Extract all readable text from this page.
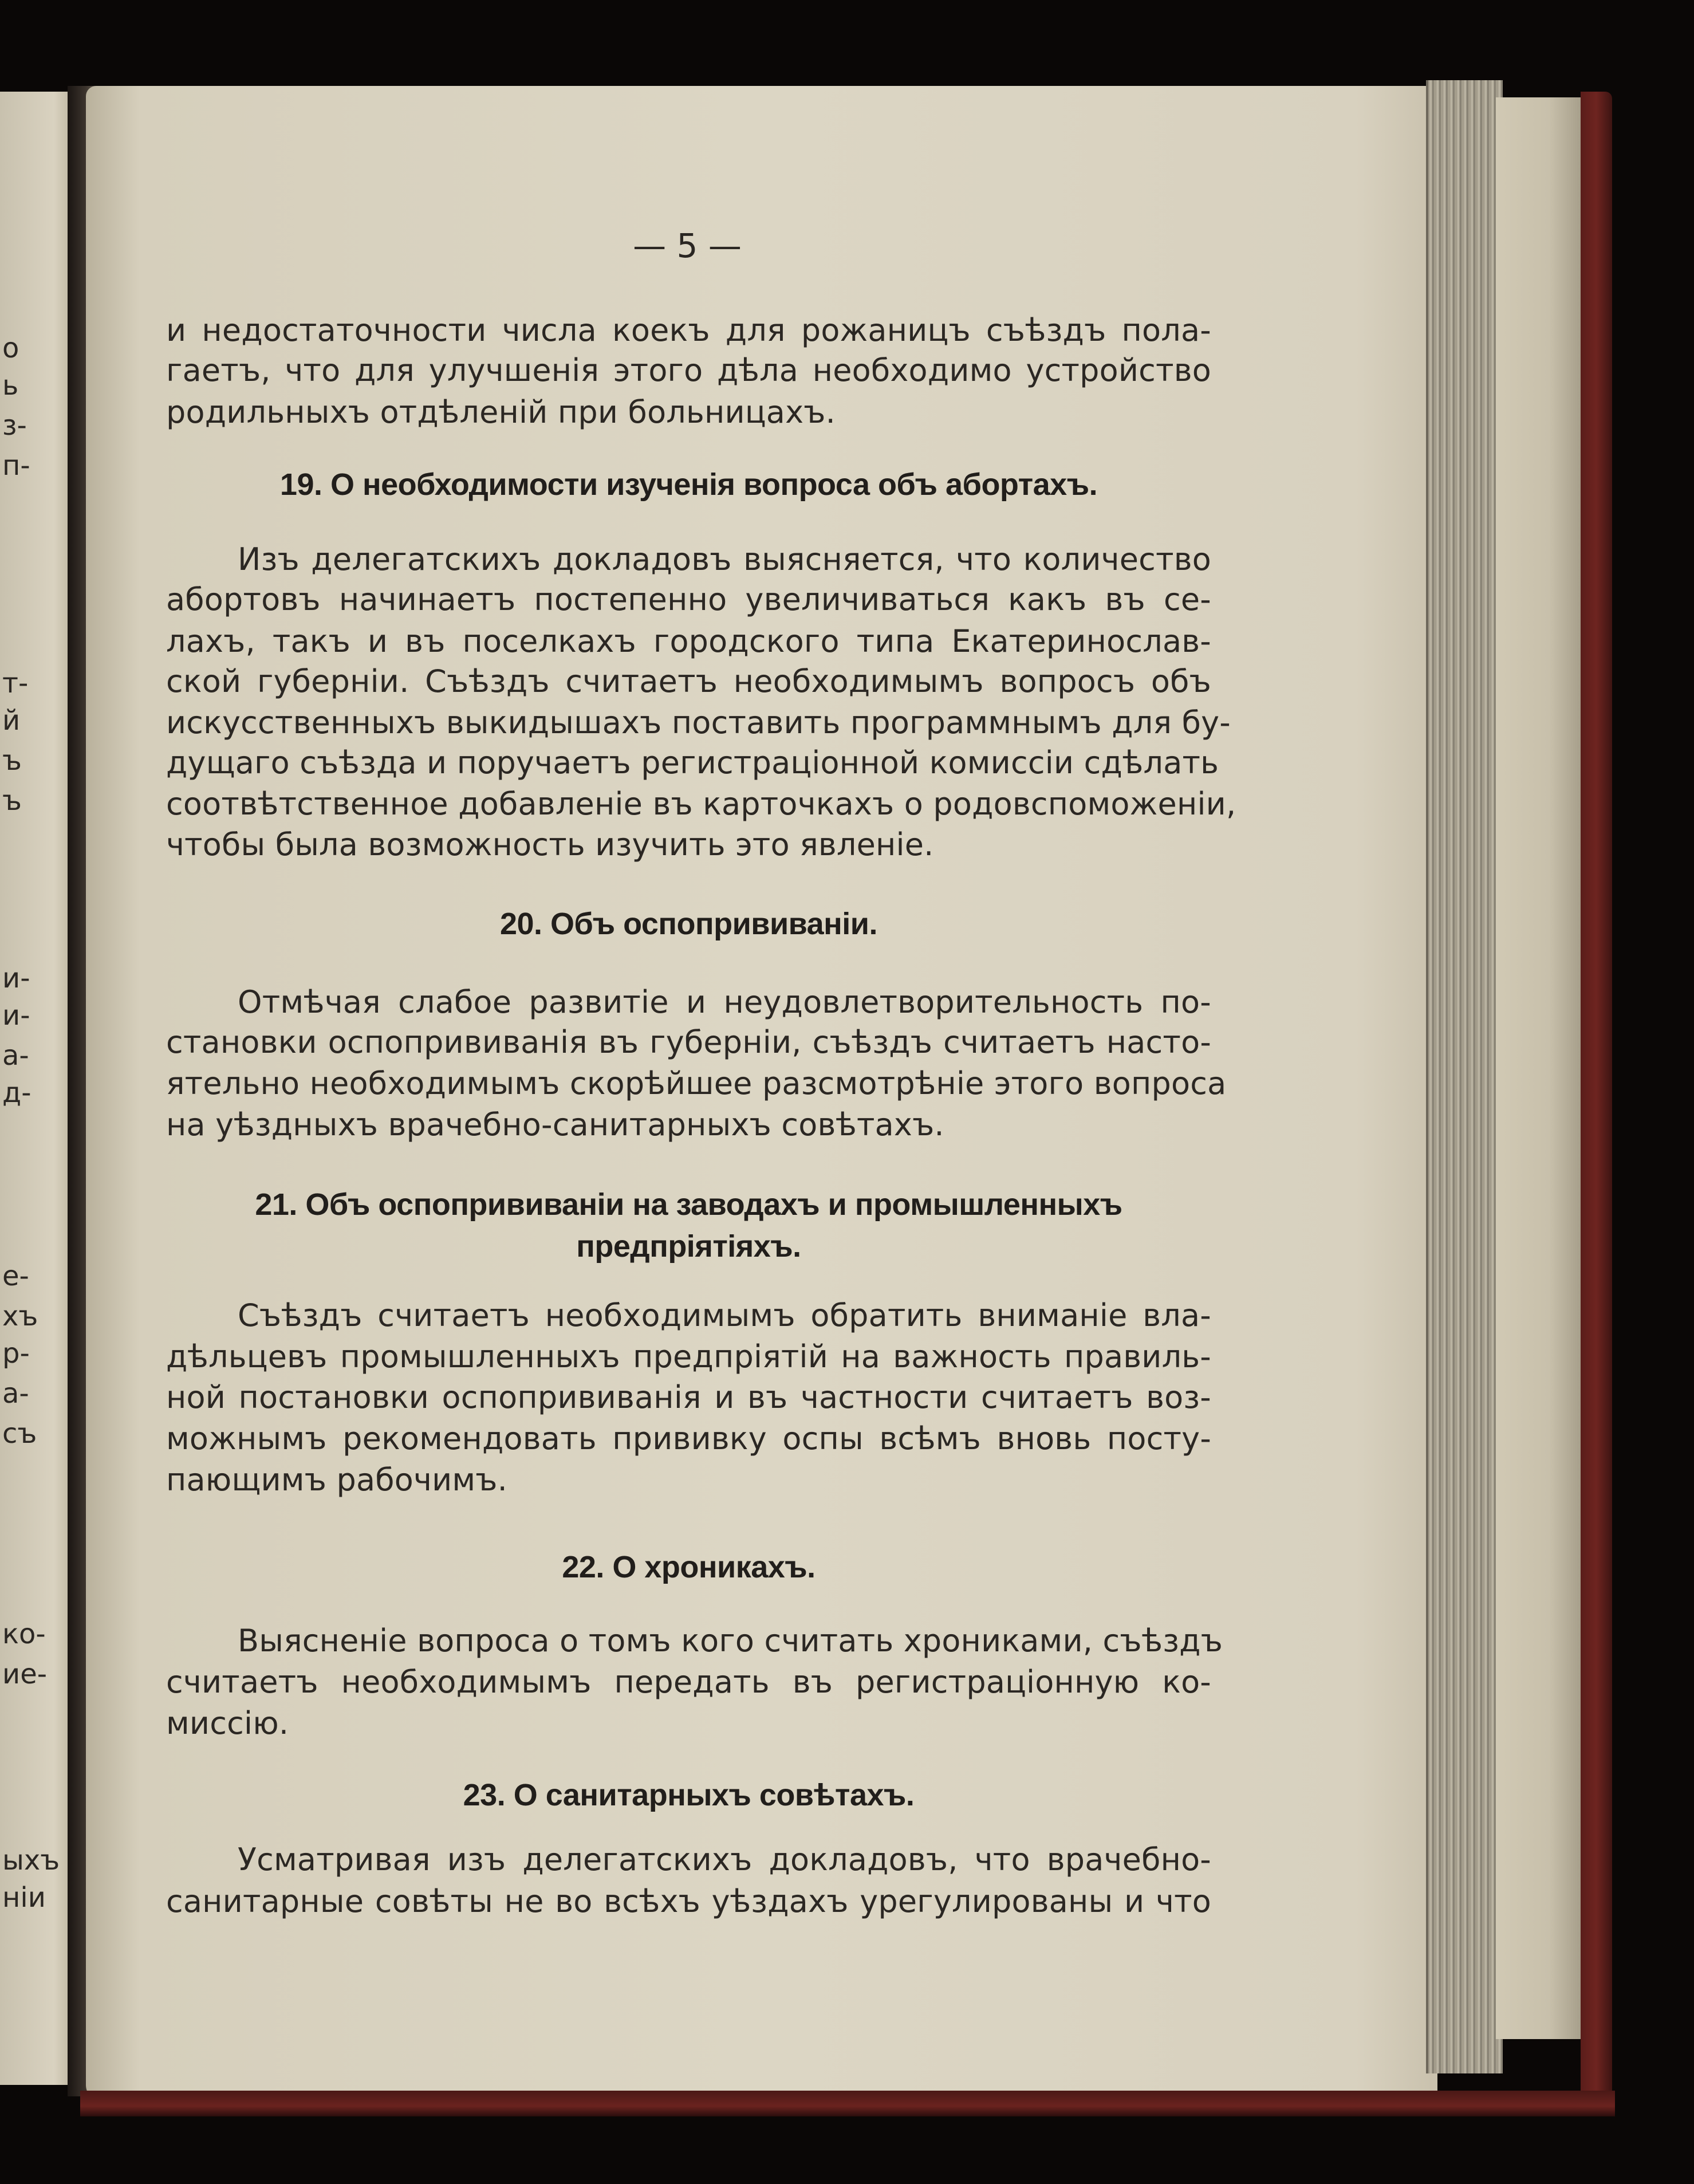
о
ь
з-
п-
т-
й
ъ
ъ
и-
и-
а-
д-
е-
хъ
р-
а-
съ
ко-
ие-
ыхъ
ніи
— 5 —
и недостаточности числа коекъ для рожаницъ съѣздъ пола-
гаетъ, что для улучшенія этого дѣла необходимо устройство
родильныхъ отдѣленій при больницахъ.
19. О необходимости изученія вопроса объ абортахъ.
Изъ делегатскихъ докладовъ выясняется, что количество
абортовъ начинаетъ постепенно увеличиваться какъ въ се-
лахъ, такъ и въ поселкахъ городского типа Екатеринослав-
ской губерніи. Съѣздъ считаетъ необходимымъ вопросъ объ
искусственныхъ выкидышахъ поставить программнымъ для бу-
дущаго съѣзда и поручаетъ регистраціонной комиссіи сдѣлать
соотвѣтственное добавленіе въ карточкахъ о родовспоможеніи,
чтобы была возможность изучить это явленіе.
20. Объ оспопрививаніи.
Отмѣчая слабое развитіе и неудовлетворительность по-
становки оспопрививанія въ губерніи, съѣздъ считаетъ насто-
ятельно необходимымъ скорѣйшее разсмотрѣніе этого вопроса
на уѣздныхъ врачебно-санитарныхъ совѣтахъ.
21. Объ оспопрививаніи на заводахъ и промышленныхъ
предпріятіяхъ.
Съѣздъ считаетъ необходимымъ обратить вниманіе вла-
дѣльцевъ промышленныхъ предпріятій на важность правиль-
ной постановки оспопрививанія и въ частности считаетъ воз-
можнымъ рекомендовать прививку оспы всѣмъ вновь посту-
пающимъ рабочимъ.
22. О хроникахъ.
Выясненіе вопроса о томъ кого считать хрониками, съѣздъ
считаетъ необходимымъ передать въ регистраціонную ко-
миссію.
23. О санитарныхъ совѣтахъ.
Усматривая изъ делегатскихъ докладовъ, что врачебно-
санитарные совѣты не во всѣхъ уѣздахъ урегулированы и что
